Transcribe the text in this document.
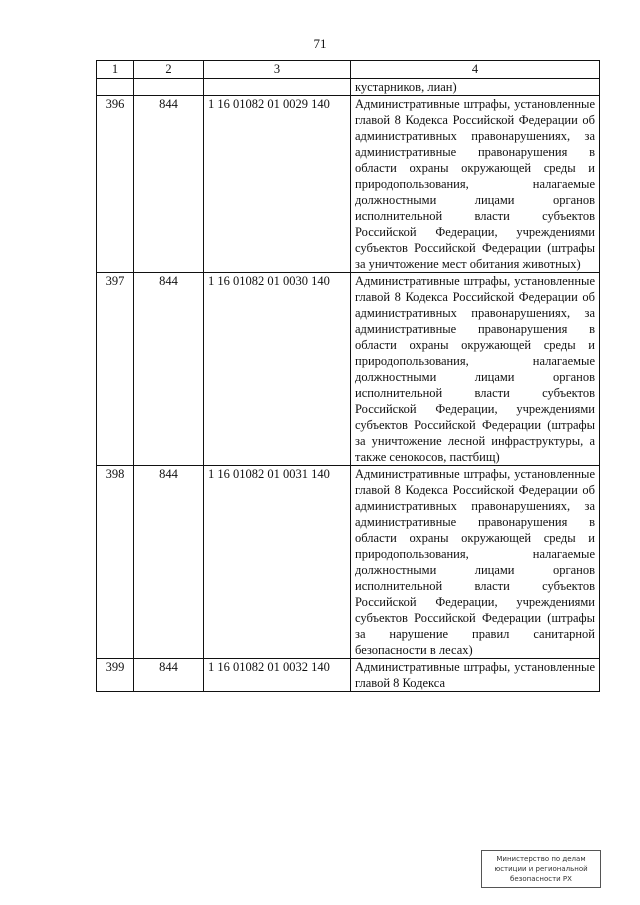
71
1	2	3	4
			кустарников, лиан)
396	844	1 16 01082 01 0029 140	Административные штрафы, установленные главой 8 Кодекса Российской Федерации об административных правонарушениях, за административные правонарушения в области охраны окружающей среды и природопользования, налагаемые должностными лицами органов исполнительной власти субъектов Российской Федерации, учреждениями субъектов Российской Федерации (штрафы за уничтожение мест обитания животных)
397	844	1 16 01082 01 0030 140	Административные штрафы, установленные главой 8 Кодекса Российской Федерации об административных правонарушениях, за административные правонарушения в области охраны окружающей среды и природопользования, налагаемые должностными лицами органов исполнительной власти субъектов Российской Федерации, учреждениями субъектов Российской Федерации (штрафы за уничтожение лесной инфраструктуры, а также сенокосов, пастбищ)
398	844	1 16 01082 01 0031 140	Административные штрафы, установленные главой 8 Кодекса Российской Федерации об административных правонарушениях, за административные правонарушения в области охраны окружающей среды и природопользования, налагаемые должностными лицами органов исполнительной власти субъектов Российской Федерации, учреждениями субъектов Российской Федерации (штрафы за нарушение правил санитарной безопасности в лесах)
399	844	1 16 01082 01 0032 140	Административные штрафы, установленные главой 8 Кодекса
Министерство по делам
юстиции и региональной
безопасности РХ
